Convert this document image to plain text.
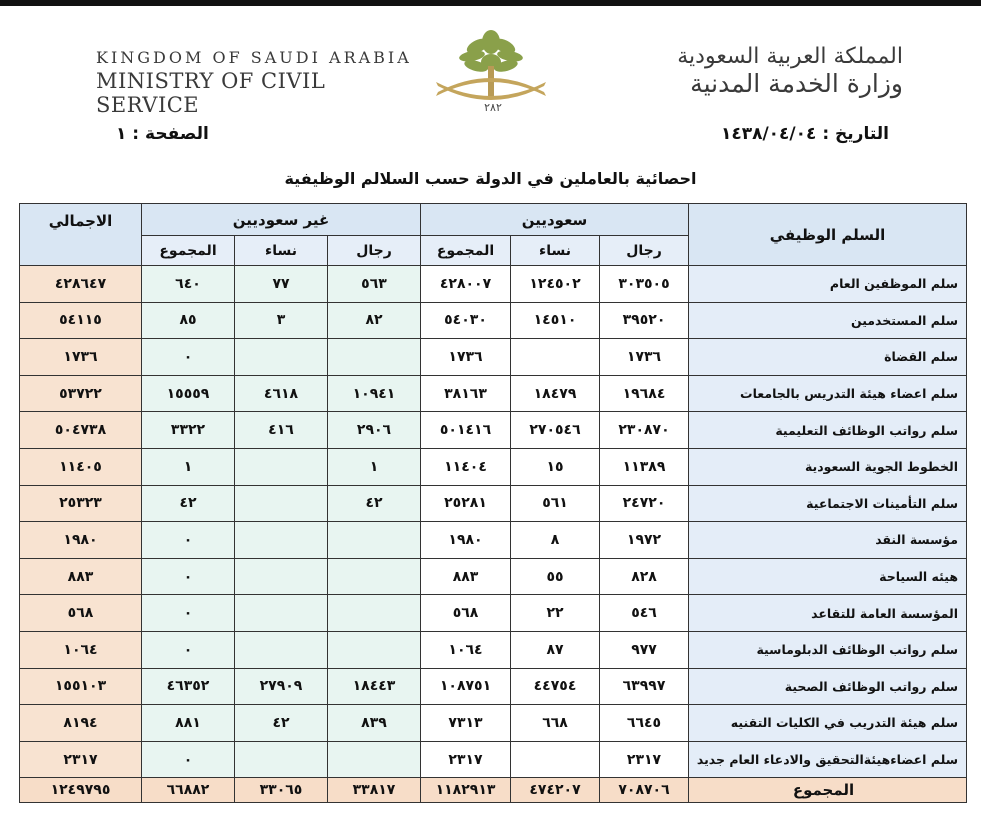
KINGDOM OF SAUDI ARABIA
MINISTRY OF CIVIL SERVICE	٢٨٢
المملكة العربية السعودية
وزارة الخدمة المدنية
التاريخ : ١٤٣٨/٠٤/٠٤
الصفحة : ١
احصائية بالعاملين في الدولة حسب السلالم الوظيفية
السلم الوظيفي	سعوديين			غير سعوديين			الاجمالي
	رجال	نساء	المجموع	رجال	نساء	المجموع	
سلم الموظفين العام	٣٠٣٥٠٥	١٢٤٥٠٢	٤٢٨٠٠٧	٥٦٣	٧٧	٦٤٠	٤٢٨٦٤٧
سلم المستخدمين	٣٩٥٢٠	١٤٥١٠	٥٤٠٣٠	٨٢	٣	٨٥	٥٤١١٥
سلم القضاة	١٧٣٦		١٧٣٦			٠	١٧٣٦
سلم اعضاء هيئة التدريس بالجامعات	١٩٦٨٤	١٨٤٧٩	٣٨١٦٣	١٠٩٤١	٤٦١٨	١٥٥٥٩	٥٣٧٢٢
سلم رواتب الوظائف التعليمية	٢٣٠٨٧٠	٢٧٠٥٤٦	٥٠١٤١٦	٢٩٠٦	٤١٦	٣٣٢٢	٥٠٤٧٣٨
الخطوط الجوية السعودية	١١٣٨٩	١٥	١١٤٠٤	١		١	١١٤٠٥
سلم التأمينات الاجتماعية	٢٤٧٢٠	٥٦١	٢٥٢٨١	٤٢		٤٢	٢٥٣٢٣
مؤسسة النقد	١٩٧٢	٨	١٩٨٠			٠	١٩٨٠
هيئه السياحة	٨٢٨	٥٥	٨٨٣			٠	٨٨٣
المؤسسة العامة للتقاعد	٥٤٦	٢٢	٥٦٨			٠	٥٦٨
سلم رواتب الوظائف الدبلوماسية	٩٧٧	٨٧	١٠٦٤			٠	١٠٦٤
سلم رواتب الوظائف الصحية	٦٣٩٩٧	٤٤٧٥٤	١٠٨٧٥١	١٨٤٤٣	٢٧٩٠٩	٤٦٣٥٢	١٥٥١٠٣
سلم هيئة التدريب في الكليات التقنيه	٦٦٤٥	٦٦٨	٧٣١٣	٨٣٩	٤٢	٨٨١	٨١٩٤
سلم اعضاءهيئةالتحقيق والادعاء العام جديد	٢٣١٧		٢٣١٧			٠	٢٣١٧
المجموع	٧٠٨٧٠٦	٤٧٤٢٠٧	١١٨٢٩١٣	٣٣٨١٧	٣٣٠٦٥	٦٦٨٨٢	١٢٤٩٧٩٥
